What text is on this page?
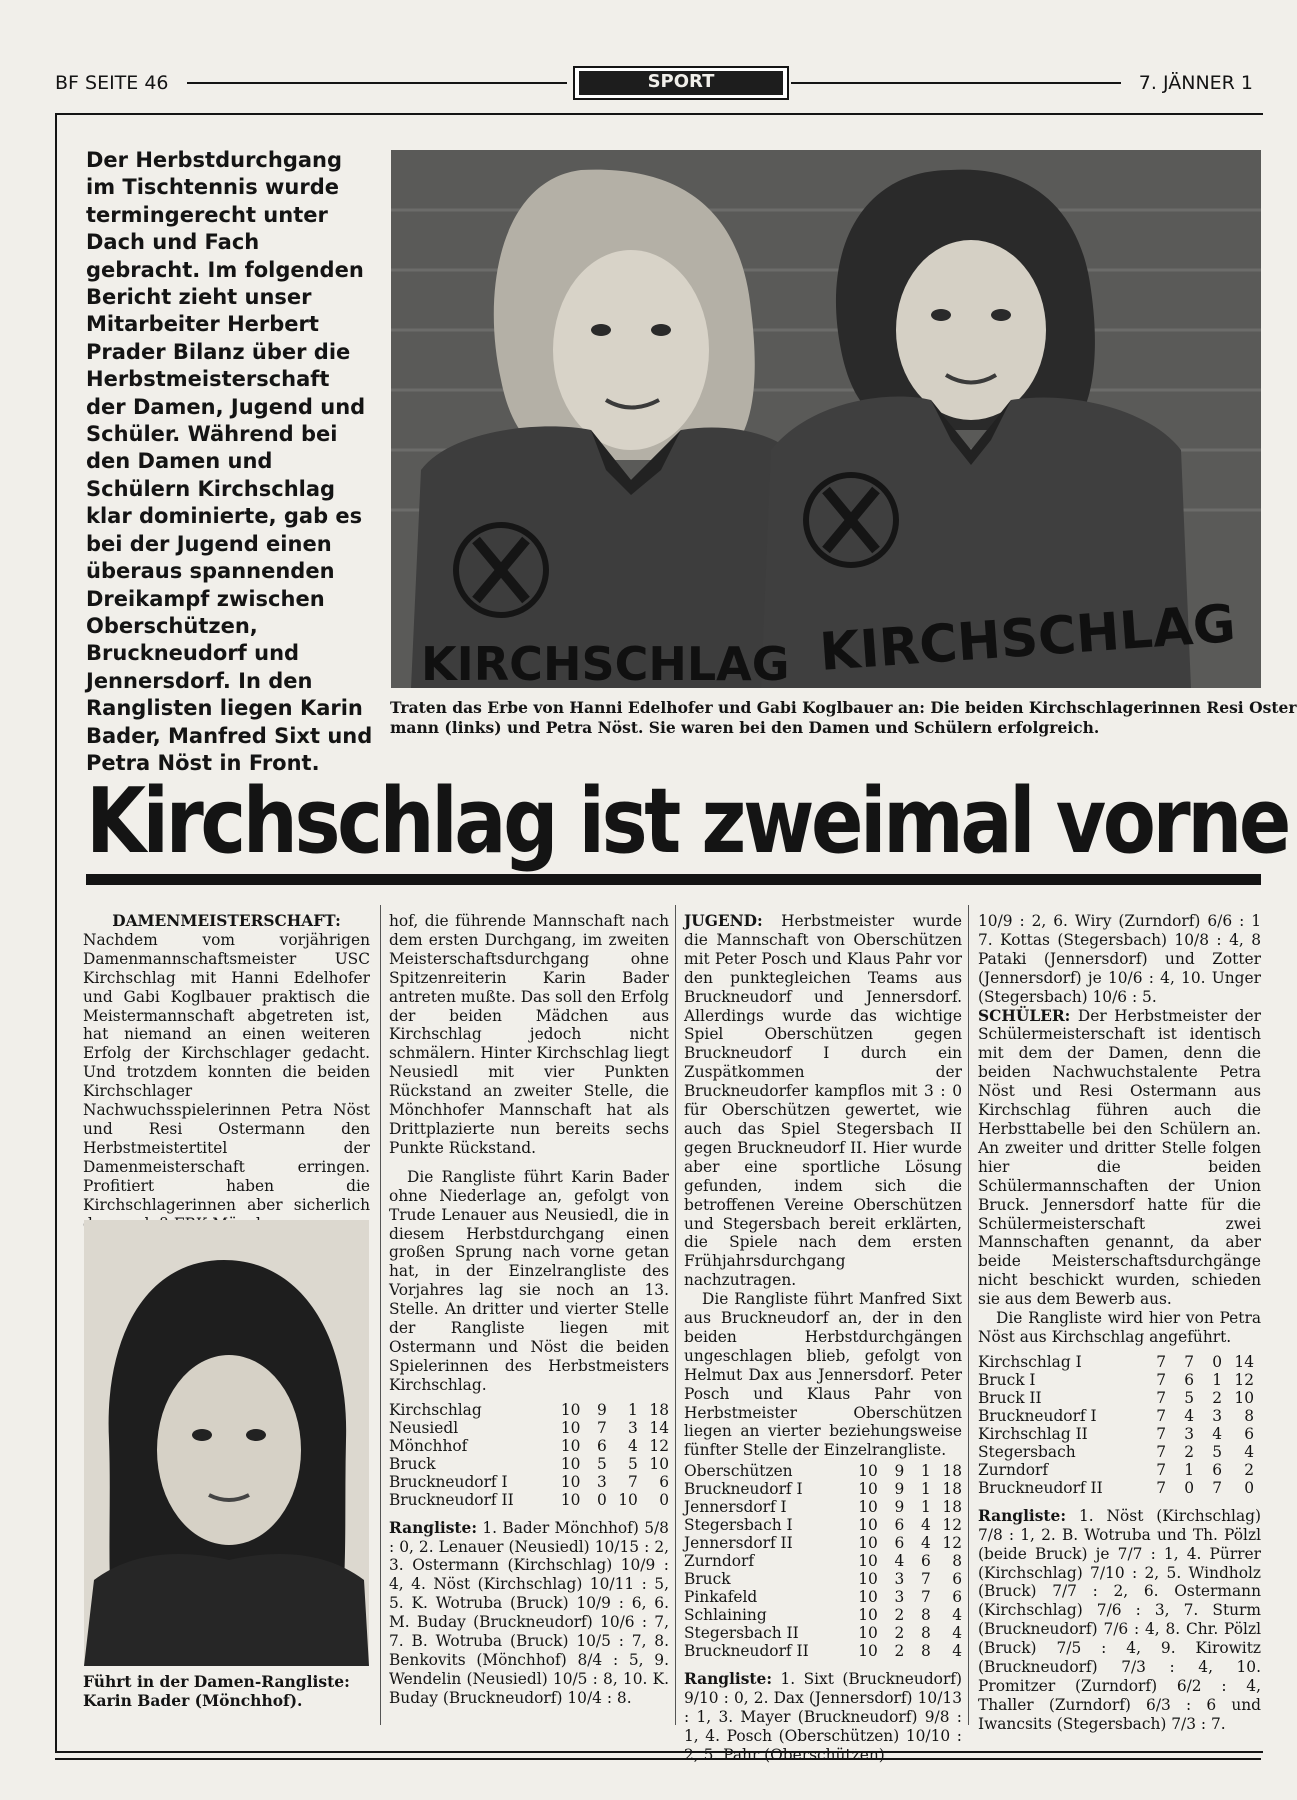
BF SEITE 46	SPORT	7. JÄNNER 1
Der Herbstdurchgang im Tischtennis wurde termingerecht unter Dach und Fach gebracht. Im folgenden Bericht zieht unser Mitarbeiter Herbert Prader Bilanz über die Herbstmeisterschaft der Damen, Jugend und Schüler. Während bei den Damen und Schülern Kirchschlag klar dominierte, gab es bei der Jugend einen überaus spannenden Dreikampf zwischen Oberschützen, Bruckneudorf und Jennersdorf. In den Ranglisten liegen Karin Bader, Manfred Sixt und Petra Nöst in Front.
KIRCHSCHLAG KIRCHSCHLAG
Traten das Erbe von Hanni Edelhofer und Gabi Koglbauer an: Die beiden Kirchschlagerinnen Resi Oster
mann (links) und Petra Nöst. Sie waren bei den Damen und Schülern erfolgreich.
Kirchschlag ist zweimal vorne

DAMENMEISTERSCHAFT:
Nachdem vom vorjährigen Damenmannschaftsmeister USC Kirchschlag mit Hanni Edelhofer und Gabi Koglbauer praktisch die Meistermannschaft abgetreten ist, hat niemand an einen weiteren Erfolg der Kirchschlager gedacht. Und trotzdem konnten die beiden Kirchschlager Nachwuchsspielerinnen Petra Nöst und Resi Ostermann den Herbstmeistertitel der Damenmeisterschaft erringen. Profitiert haben die Kirchschlagerinnen aber sicherlich

Führt in der Damen-Rangliste: Karin Bader (Mönchhof).

hof, die führende Mannschaft nach dem ersten Durchgang, im zweiten Meisterschaftsdurchgang ohne Spitzenreiterin Karin Bader antreten mußte. Das soll den Erfolg der beiden Mädchen aus Kirchschlag jedoch nicht schmälern. Hinter Kirchschlag liegt Neusiedl mit vier Punkten Rückstand an zweiter Stelle, die Mönchhofer Mannschaft hat als Drittplazierte nun bereits sechs Punkte Rückstand.

Die Rangliste führt Karin Bader ohne Niederlage an, gefolgt von Trude Lenauer aus Neusiedl, die in diesem Herbstdurchgang einen großen Sprung nach vorne getan hat, in der Einzelrangliste des Vorjahres lag sie noch an 13. Stelle. An dritter und vierter Stelle der Rangliste liegen mit Ostermann und Nöst die beiden Spielerinnen des Herbstmeisters Kirchschlag.

Kirchschlag	10	9	1	18
Neusiedl	10	7	3	14
Mönchhof	10	6	4	12
Bruck	10	5	5	10
Bruckneudorf I	10	3	7	6
Bruckneudorf II	10	0	10	0

Rangliste: 1. Bader Mönchhof) 5/8 : 0, 2. Lenauer (Neusiedl) 10/15 : 2, 3. Ostermann (Kirchschlag) 10/9 : 4, 4. Nöst (Kirchschlag) 10/11 : 5, 5. K. Wotruba (Bruck) 10/9 : 6, 6. M. Buday (Bruckneudorf) 10/6 : 7, 7. B. Wotruba (Bruck) 10/5 : 7, 8. Benkovits (Mönchhof) 8/4 : 5, 9. Wendelin (Neusiedl) 10/5 : 8, 10. K. Buday (Bruckneudorf) 10/4 : 8.

JUGEND: Herbstmeister wurde die Mannschaft von Oberschützen mit Peter Posch und Klaus Pahr vor den punktegleichen Teams aus Bruckneudorf und Jennersdorf. Allerdings wurde das wichtige Spiel Oberschützen gegen Bruckneudorf I durch ein Zuspätkommen der Bruckneudorfer kampflos mit 3 : 0 für Oberschützen gewertet, wie auch das Spiel Stegersbach II gegen Bruckneudorf II. Hier wurde aber eine sportliche Lösung gefunden, indem sich die betroffenen Vereine Oberschützen und Stegersbach bereit erklärten, die Spiele nach dem ersten Frühjahrsdurchgang nachzutragen.

Die Rangliste führt Manfred Sixt aus Bruckneudorf an, der in den beiden Herbstdurchgängen ungeschlagen blieb, gefolgt von Helmut Dax aus Jennersdorf. Peter Posch und Klaus Pahr von Herbstmeister Oberschützen liegen an vierter beziehungsweise fünfter Stelle der Einzelrangliste.

Oberschützen	10	9	1	18
Bruckneudorf I	10	9	1	18
Jennersdorf I	10	9	1	18
Stegersbach I	10	6	4	12
Jennersdorf II	10	6	4	12
Zurndorf	10	4	6	8
Bruck	10	3	7	6
Pinkafeld	10	3	7	6
Schlaining	10	2	8	4
Stegersbach II	10	2	8	4
Bruckneudorf II	10	2	8	4

Rangliste: 1. Sixt (Bruckneudorf) 9/10 : 0, 2. Dax (Jennersdorf) 10/13 : 1, 3. Mayer (Bruckneudorf) 9/8 : 1, 4. Posch (Oberschützen) 10/10 : 2, 5. Pahr (Oberschützen)

10/9 : 2, 6. Wiry (Zurndorf) 6/6 : 1 7. Kottas (Stegersbach) 10/8 : 4, 8 Pataki (Jennersdorf) und Zotter (Jennersdorf) je 10/6 : 4, 10. Unger (Stegersbach) 10/6 : 5.

SCHÜLER: Der Herbstmeister der Schülermeisterschaft ist identisch mit dem der Damen, denn die beiden Nachwuchstalente Petra Nöst und Resi Ostermann aus Kirchschlag führen auch die Herbsttabelle bei den Schülern an. An zweiter und dritter Stelle folgen hier die beiden Schülermannschaften der Union Bruck. Jennersdorf hatte für die Schülermeisterschaft zwei Mannschaften genannt, da aber beide Meisterschaftsdurchgänge nicht beschickt wurden, schieden sie aus dem Bewerb aus.

Die Rangliste wird hier von Petra Nöst aus Kirchschlag angeführt.

Kirchschlag I	7	7	0	14
Bruck I	7	6	1	12
Bruck II	7	5	2	10
Bruckneudorf I	7	4	3	8
Kirchschlag II	7	3	4	6
Stegersbach	7	2	5	4
Zurndorf	7	1	6	2
Bruckneudorf II	7	0	7	0

Rangliste: 1. Nöst (Kirchschlag) 7/8 : 1, 2. B. Wotruba und Th. Pölzl (beide Bruck) je 7/7 : 1, 4. Pürrer (Kirchschlag) 7/10 : 2, 5. Windholz (Bruck) 7/7 : 2, 6. Ostermann (Kirchschlag) 7/6 : 3, 7. Sturm (Bruckneudorf) 7/6 : 4, 8. Chr. Pölzl (Bruck) 7/5 : 4, 9. Kirowitz (Bruckneudorf) 7/3 : 4, 10. Promitzer (Zurndorf) 6/2 : 4, Thaller (Zurndorf) 6/3 : 6 und Iwancsits (Stegersbach) 7/3 : 7.
